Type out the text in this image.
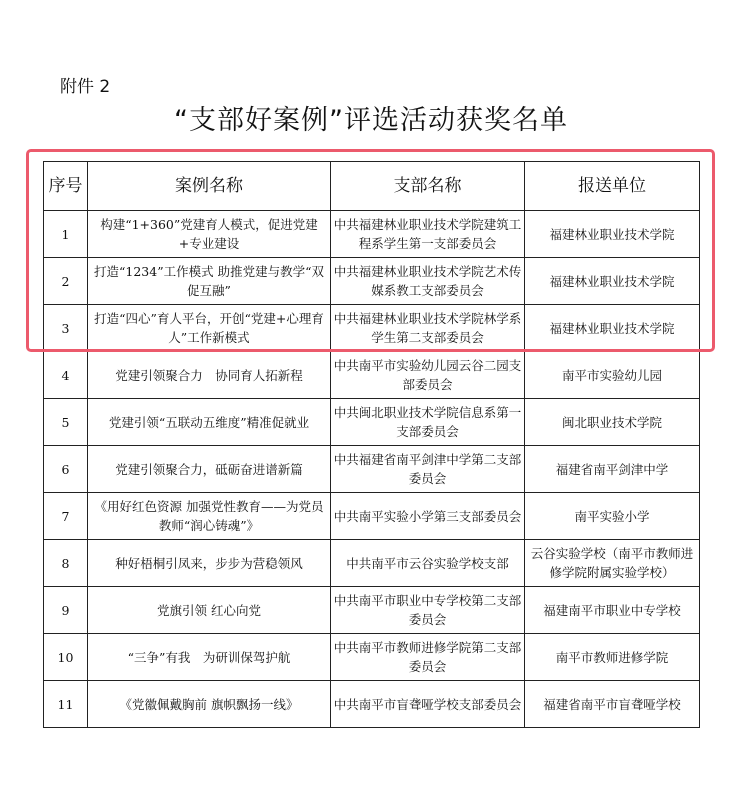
附件 2
“支部好案例”评选活动获奖名单
序号	案例名称	支部名称	报送单位
1	构建“1+360”党建育人模式，促进党建+专业建设	中共福建林业职业技术学院建筑工程系学生第一支部委员会	福建林业职业技术学院
2	打造“1234”工作模式 助推党建与教学“双促互融”	中共福建林业职业技术学院艺术传媒系教工支部委员会	福建林业职业技术学院
3	打造“四心”育人平台，开创“党建+心理育人”工作新模式	中共福建林业职业技术学院林学系学生第二支部委员会	福建林业职业技术学院
4	党建引领聚合力　协同育人拓新程	中共南平市实验幼儿园云谷二园支部委员会	南平市实验幼儿园
5	党建引领“五联动五维度”精准促就业	中共闽北职业技术学院信息系第一支部委员会	闽北职业技术学院
6	党建引领聚合力，砥砺奋进谱新篇	中共福建省南平剑津中学第二支部委员会	福建省南平剑津中学
7	《用好红色资源 加强党性教育——为党员教师“润心铸魂”》	中共南平实验小学第三支部委员会	南平实验小学
8	种好梧桐引凤来，步步为营稳领风	中共南平市云谷实验学校支部	云谷实验学校（南平市教师进修学院附属实验学校）
9	党旗引领 红心向党	中共南平市职业中专学校第二支部委员会	福建南平市职业中专学校
10	“三争”有我　为研训保驾护航	中共南平市教师进修学院第二支部委员会	南平市教师进修学院
11	《党徽佩戴胸前 旗帜飘扬一线》	中共南平市盲聋哑学校支部委员会	福建省南平市盲聋哑学校
